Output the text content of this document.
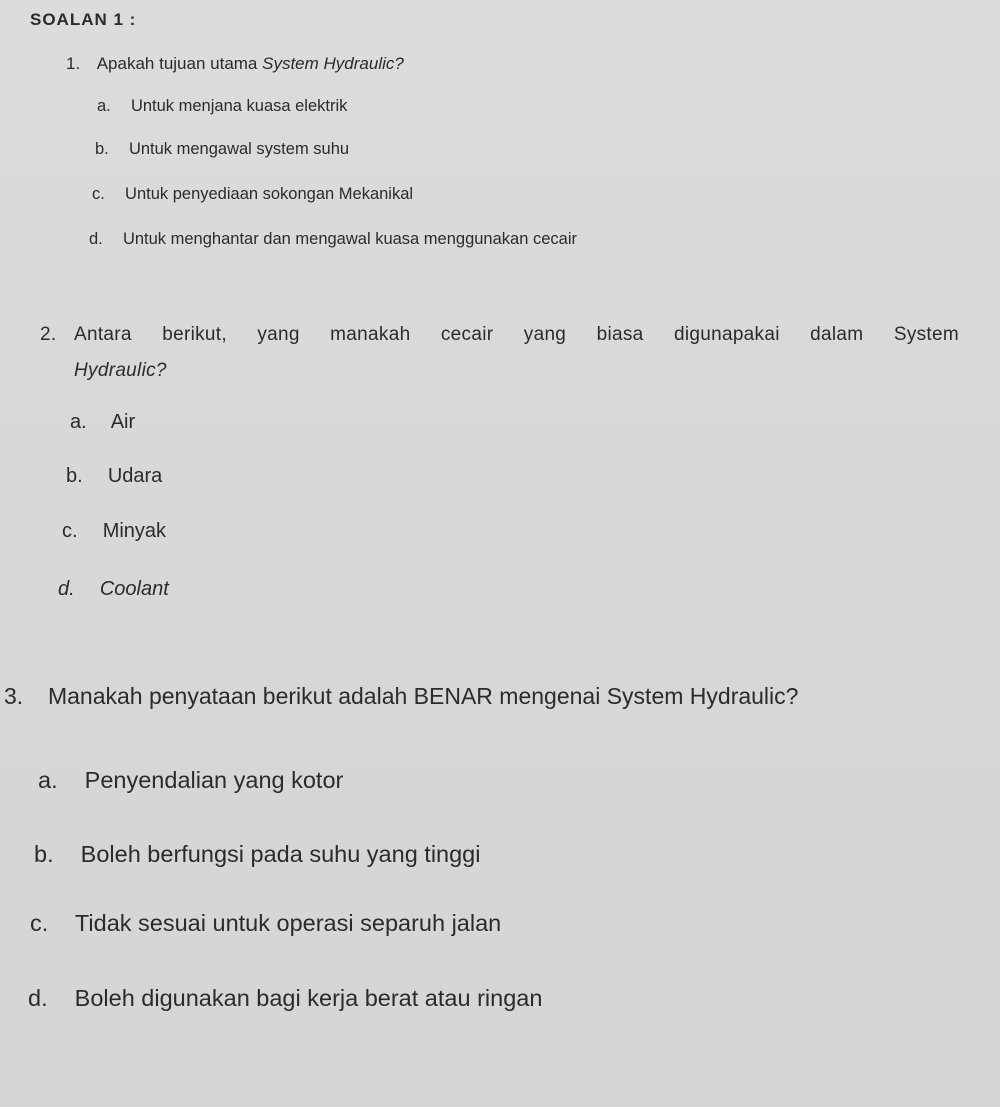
SOALAN 1 :
1. Apakah tujuan utama System Hydraulic?
a. Untuk menjana kuasa elektrik
b. Untuk mengawal system suhu
c. Untuk penyediaan sokongan Mekanikal
d. Untuk menghantar dan mengawal kuasa menggunakan cecair
2. Antara berikut, yang manakah cecair yang biasa digunapakai dalam System
Hydraulic?
a. Air
b. Udara
c. Minyak
d. Coolant
3. Manakah penyataan berikut adalah BENAR mengenai System Hydraulic?
a. Penyendalian yang kotor
b. Boleh berfungsi pada suhu yang tinggi
c. Tidak sesuai untuk operasi separuh jalan
d. Boleh digunakan bagi kerja berat atau ringan
